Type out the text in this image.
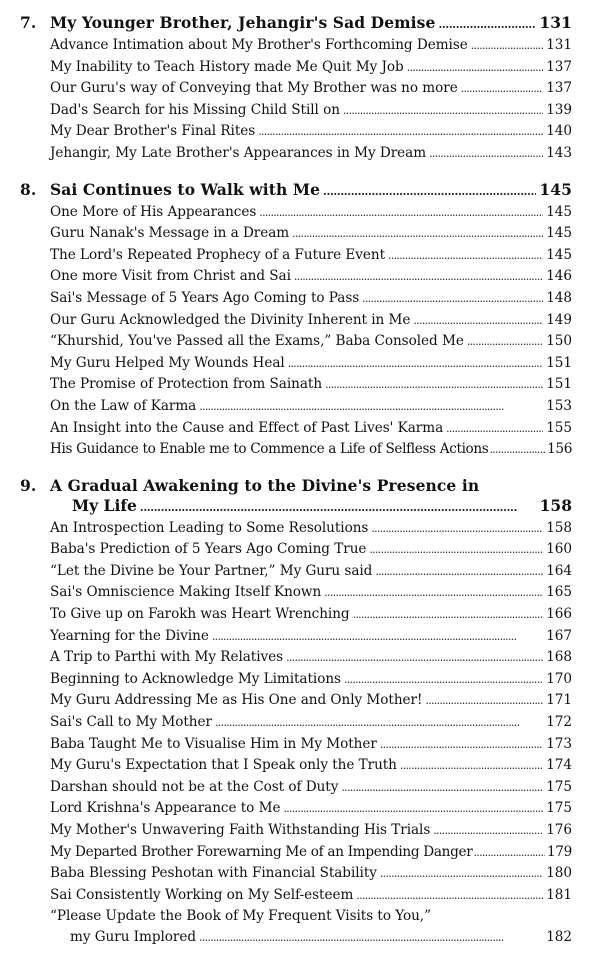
7. My Younger Brother, Jehangir's Sad Demise . . .	131
Advance Intimation about My Brother's Forthcoming Demise . . .	131
My Inability to Teach History made Me Quit My Job . . .	137
Our Guru's way of Conveying that My Brother was no more . . .	137
Dad's Search for his Missing Child Still on . . .	139
My Dear Brother's Final Rites . . .	140
Jehangir, My Late Brother's Appearances in My Dream . . .	143
8. Sai Continues to Walk with Me . . .	145
One More of His Appearances . . .	145
Guru Nanak's Message in a Dream . . .	145
The Lord's Repeated Prophecy of a Future Event . . .	145
One more Visit from Christ and Sai . . .	146
Sai's Message of 5 Years Ago Coming to Pass . . .	148
Our Guru Acknowledged the Divinity Inherent in Me . . .	149
“Khurshid, You've Passed all the Exams,” Baba Consoled Me . . .	150
My Guru Helped My Wounds Heal . . .	151
The Promise of Protection from Sainath . . .	151
On the Law of Karma . . .	153
An Insight into the Cause and Effect of Past Lives' Karma . . .	155
His Guidance to Enable me to Commence a Life of Selfless Actions . . .	156
9. A Gradual Awakening to the Divine's Presence in
My Life . . .	158
An Introspection Leading to Some Resolutions . . .	158
Baba's Prediction of 5 Years Ago Coming True . . .	160
“Let the Divine be Your Partner,” My Guru said . . .	164
Sai's Omniscience Making Itself Known . . .	165
To Give up on Farokh was Heart Wrenching . . .	166
Yearning for the Divine . . .	167
A Trip to Parthi with My Relatives . . .	168
Beginning to Acknowledge My Limitations . . .	170
My Guru Addressing Me as His One and Only Mother! . . .	171
Sai's Call to My Mother . . .	172
Baba Taught Me to Visualise Him in My Mother . . .	173
My Guru's Expectation that I Speak only the Truth . . .	174
Darshan should not be at the Cost of Duty . . .	175
Lord Krishna's Appearance to Me . . .	175
My Mother's Unwavering Faith Withstanding His Trials . . .	176
My Departed Brother Forewarning Me of an Impending Danger . . .	179
Baba Blessing Peshotan with Financial Stability . . .	180
Sai Consistently Working on My Self-esteem . . .	181
“Please Update the Book of My Frequent Visits to You,”
my Guru Implored . . .	182
